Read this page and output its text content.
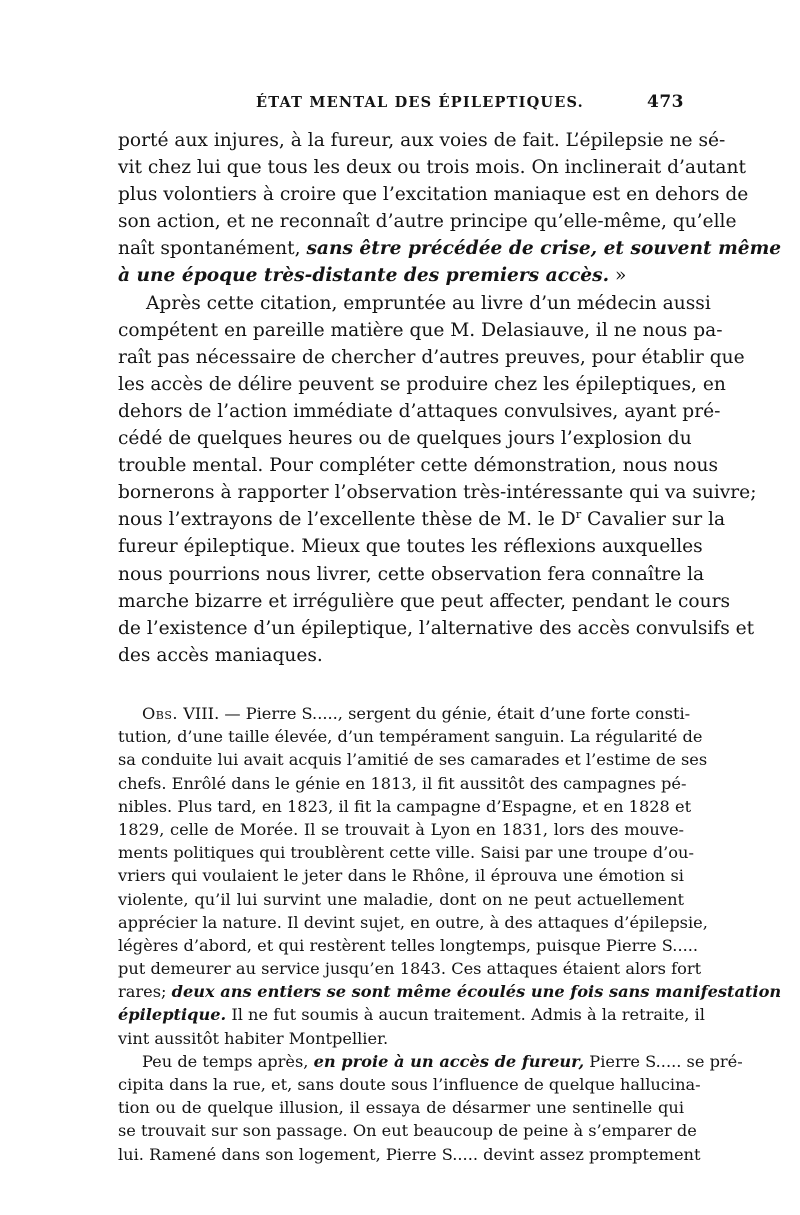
ÉTAT MENTAL DES ÉPILEPTIQUES.	473
porté aux injures, à la fureur, aux voies de fait. L’épilepsie ne sé-
vit chez lui que tous les deux ou trois mois. On inclinerait d’autant
plus volontiers à croire que l’excitation maniaque est en dehors de
son action, et ne reconnaît d’autre principe qu’elle-même, qu’elle
naît spontanément, sans être précédée de crise, et souvent même
à une époque très-distante des premiers accès. »
Après cette citation, empruntée au livre d’un médecin aussi
compétent en pareille matière que M. Delasiauve, il ne nous pa-
raît pas nécessaire de chercher d’autres preuves, pour établir que
les accès de délire peuvent se produire chez les épileptiques, en
dehors de l’action immédiate d’attaques convulsives, ayant pré-
cédé de quelques heures ou de quelques jours l’explosion du
trouble mental. Pour compléter cette démonstration, nous nous
bornerons à rapporter l’observation très-intéressante qui va suivre;
nous l’extrayons de l’excellente thèse de M. le $D^r$ Cavalier sur la
fureur épileptique. Mieux que toutes les réflexions auxquelles
nous pourrions nous livrer, cette observation fera connaître la
marche bizarre et irrégulière que peut affecter, pendant le cours
de l’existence d’un épileptique, l’alternative des accès convulsifs et
des accès maniaques.
Obs. VIII. — Pierre S....., sergent du génie, était d’une forte consti-
tution, d’une taille élevée, d’un tempérament sanguin. La régularité de
sa conduite lui avait acquis l’amitié de ses camarades et l’estime de ses
chefs. Enrôlé dans le génie en 1813, il fit aussitôt des campagnes pé-
nibles. Plus tard, en 1823, il fit la campagne d’Espagne, et en 1828 et
1829, celle de Morée. Il se trouvait à Lyon en 1831, lors des mouve-
ments politiques qui troublèrent cette ville. Saisi par une troupe d’ou-
vriers qui voulaient le jeter dans le Rhône, il éprouva une émotion si
violente, qu’il lui survint une maladie, dont on ne peut actuellement
apprécier la nature. Il devint sujet, en outre, à des attaques d’épilepsie,
légères d’abord, et qui restèrent telles longtemps, puisque Pierre S.....
put demeurer au service jusqu’en 1843. Ces attaques étaient alors fort
rares; deux ans entiers se sont même écoulés une fois sans manifestation
épileptique. Il ne fut soumis à aucun traitement. Admis à la retraite, il
vint aussitôt habiter Montpellier.
Peu de temps après, en proie à un accès de fureur, Pierre S..... se pré-
cipita dans la rue, et, sans doute sous l’influence de quelque hallucina-
tion ou de quelque illusion, il essaya de désarmer une sentinelle qui
se trouvait sur son passage. On eut beaucoup de peine à s’emparer de
lui. Ramené dans son logement, Pierre S..... devint assez promptement
